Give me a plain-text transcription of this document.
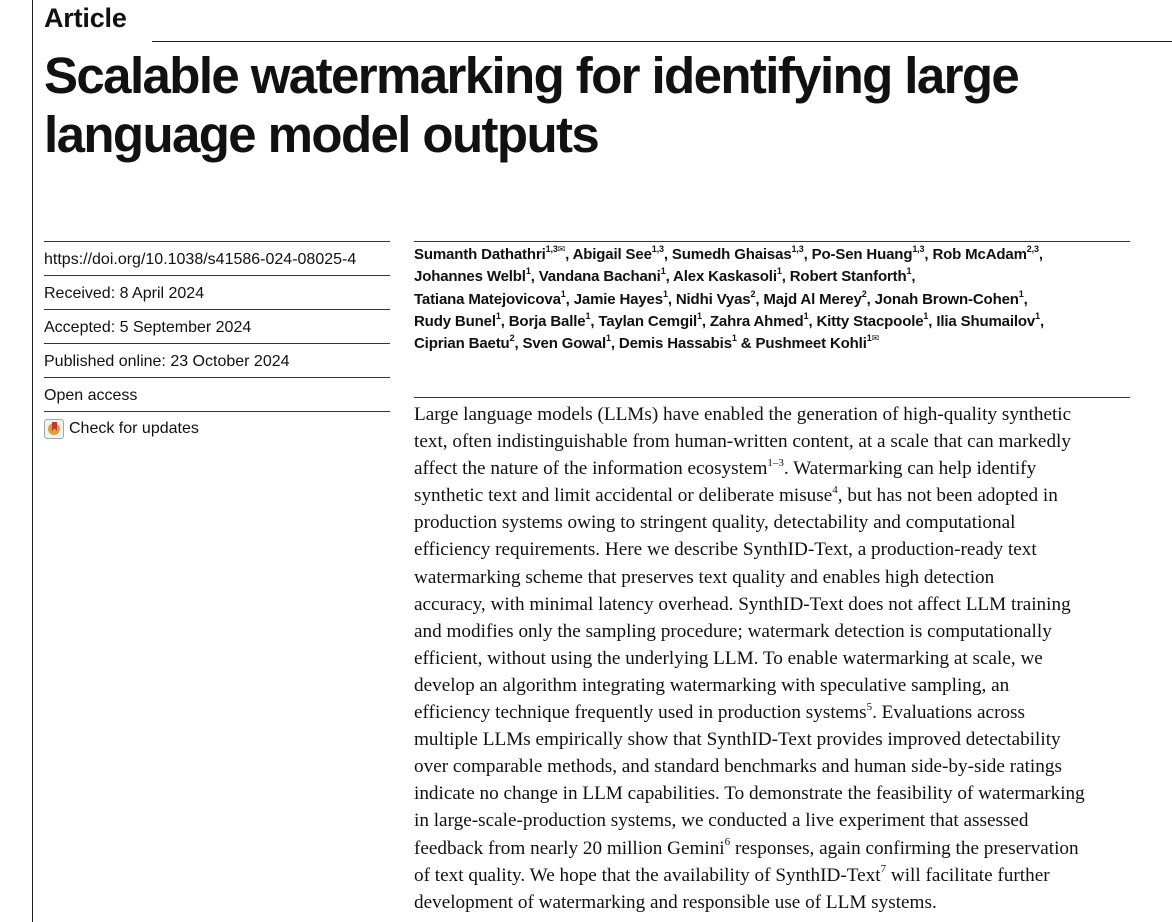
Article
Scalable watermarking for identifying large
language model outputs
https://doi.org/10.1038/s41586-024-08025-4
Received: 8 April 2024
Accepted: 5 September 2024
Published online: 23 October 2024
Open access
Check for updates
Sumanth Dathathri$^{1,3✉}$, Abigail See$^{1,3}$, Sumedh Ghaisas$^{1,3}$, Po-Sen Huang$^{1,3}$, Rob McAdam$^{2,3}$,
Johannes Welbl$^1$, Vandana Bachani$^1$, Alex Kaskasoli$^1$, Robert Stanforth$^1$,
Tatiana Matejovicova$^1$, Jamie Hayes$^1$, Nidhi Vyas$^2$, Majd Al Merey$^2$, Jonah Brown-Cohen$^1$,
Rudy Bunel$^1$, Borja Balle$^1$, Taylan Cemgil$^1$, Zahra Ahmed$^1$, Kitty Stacpoole$^1$, Ilia Shumailov$^1$,
Ciprian Baetu$^2$, Sven Gowal$^1$, Demis Hassabis$^1$ & Pushmeet Kohli$^{1✉}$
Large language models (LLMs) have enabled the generation of high-quality synthetic
text, often indistinguishable from human-written content, at a scale that can markedly
affect the nature of the information ecosystem$^{1-3}$. Watermarking can help identify
synthetic text and limit accidental or deliberate misuse$^4$, but has not been adopted in
production systems owing to stringent quality, detectability and computational
efficiency requirements. Here we describe SynthID-Text, a production-ready text
watermarking scheme that preserves text quality and enables high detection
accuracy, with minimal latency overhead. SynthID-Text does not affect LLM training
and modifies only the sampling procedure; watermark detection is computationally
efficient, without using the underlying LLM. To enable watermarking at scale, we
develop an algorithm integrating watermarking with speculative sampling, an
efficiency technique frequently used in production systems$^5$. Evaluations across
multiple LLMs empirically show that SynthID-Text provides improved detectability
over comparable methods, and standard benchmarks and human side-by-side ratings
indicate no change in LLM capabilities. To demonstrate the feasibility of watermarking
in large-scale-production systems, we conducted a live experiment that assessed
feedback from nearly 20 million Gemini$^6$ responses, again confirming the preservation
of text quality. We hope that the availability of SynthID-Text$^7$ will facilitate further
development of watermarking and responsible use of LLM systems.
